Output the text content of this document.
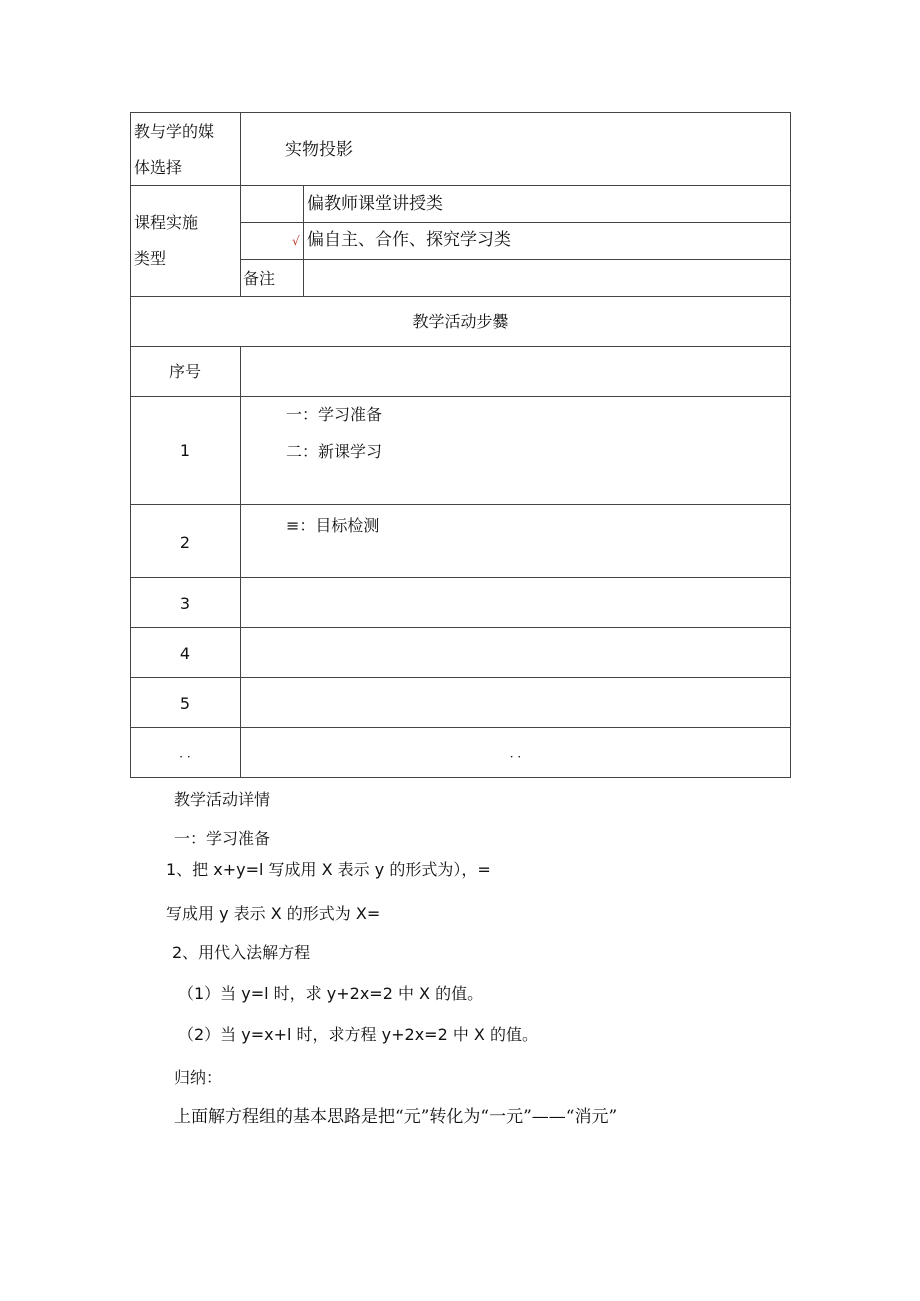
教与学的媒
体选择
实物投影
课程实施
类型
偏教师课堂讲授类
√ 偏自主、合作、探究学习类
备注
教学活动步爨
序号
1
一：学习准备
二：新课学习
2
≡：目标检测
3
4
5
· ·	· ·
教学活动详情
一：学习准备
1、把 x+y=l 写成用 X 表示 y 的形式为），=
写成用 y 表示 X 的形式为 X=
2、用代入法解方程
（1）当 y=l 时，求 y+2x=2 中 X 的值。
（2）当 y=x+l 时，求方程 y+2x=2 中 X 的值。
归纳：
上面解方程组的基本思路是把“元”转化为“一元”——“消元”
